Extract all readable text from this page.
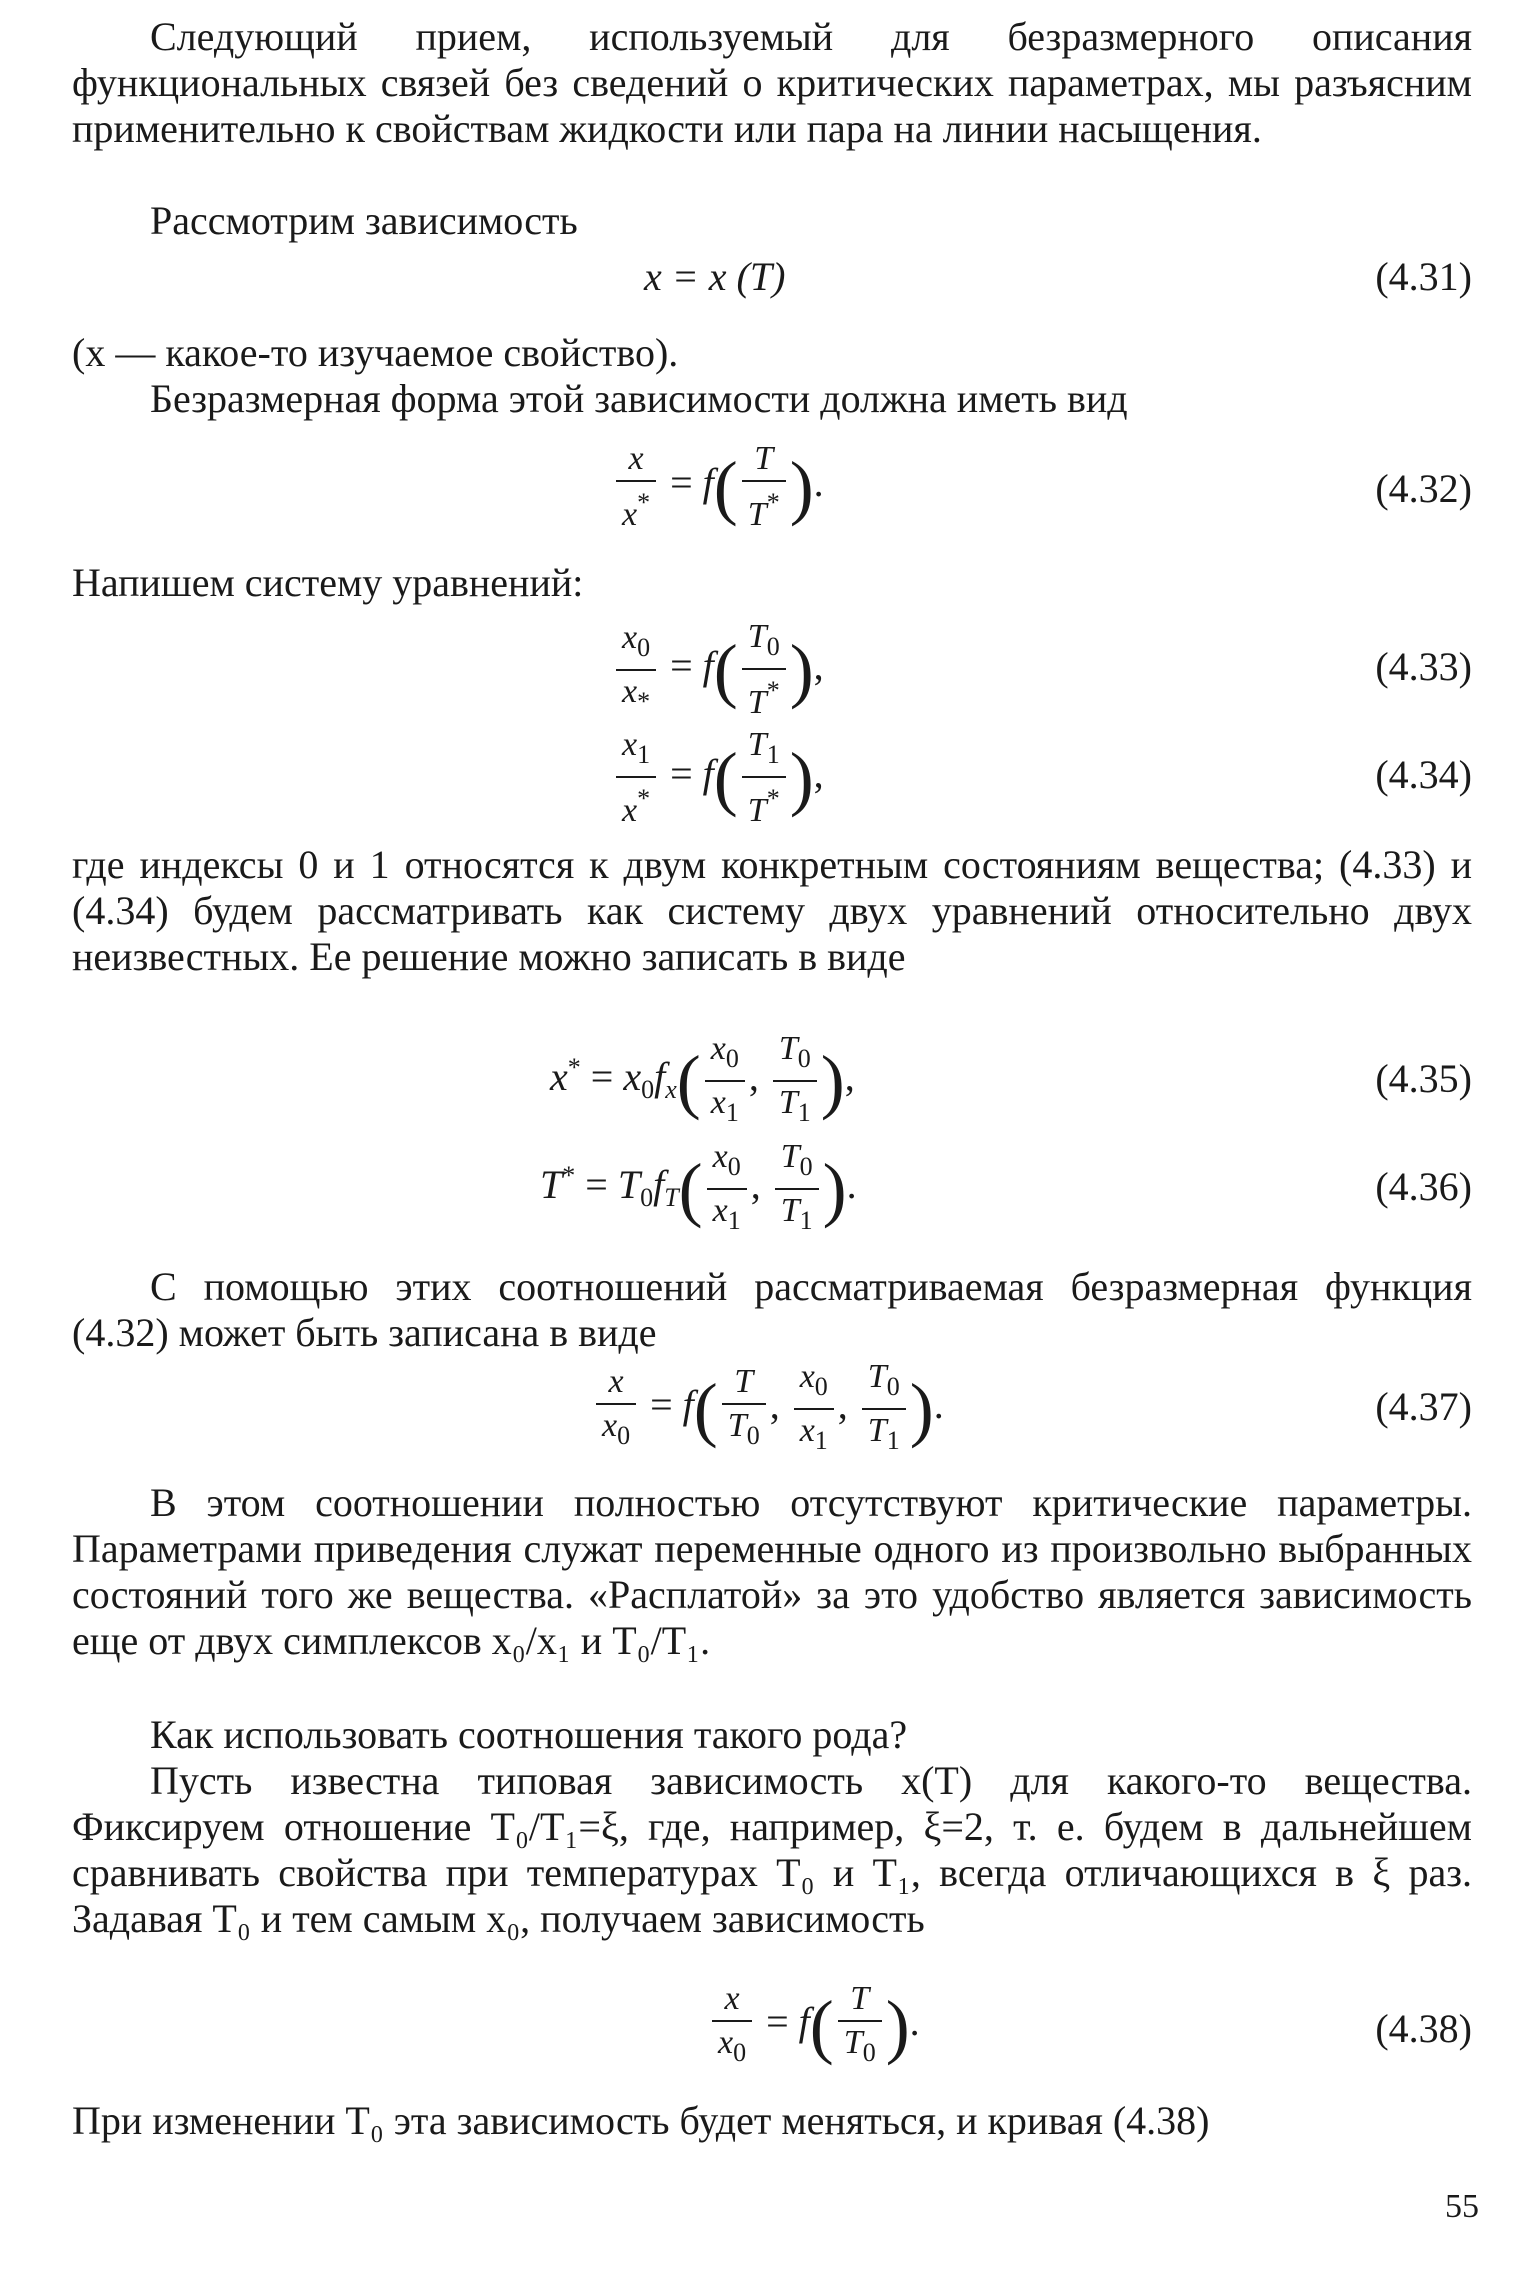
Следующий прием, используемый для безразмерного описания функциональных связей без сведений о критических параметрах, мы разъясним применительно к свойствам жидкости или пара на линии насыщения.

Рассмотрим зависимость

x = x (T)	(4.31)

(x — какое-то изучаемое свойство).

Безразмерная форма этой зависимости должна иметь вид

$\frac{x}{x^*} = f( \frac{T}{T^*}$ ).	(4.32)

Напишем систему уравнений:

$\frac{x_0}{x_*} = f( \frac{T_0}{T^*}$ ),	(4.33)
$\frac{x_1}{x^*} = f( \frac{T_1}{T^*}$ ),	(4.34)

где индексы 0 и 1 относятся к двум конкретным состояниям вещества; (4.33) и (4.34) будем рассматривать как систему двух уравнений относительно двух неизвестных. Ее решение можно записать в виде

$x^* = x_0f_x( \frac{x_0}{x_1}$ , $\frac{T_0}{T_1}$ ),	(4.35)
$T^* = T_0f_T( \frac{x_0}{x_1}$ , $\frac{T_0}{T_1}$ ).	(4.36)

С помощью этих соотношений рассматриваемая безразмерная функция (4.32) может быть записана в виде

$\frac{x}{x_0} = f( \frac{T}{T_0}$ , $\frac{x_0}{x_1}$ , $\frac{T_0}{T_1}$ ).	(4.37)

В этом соотношении полностью отсутствуют критические параметры. Параметрами приведения служат переменные одного из произвольно выбранных состояний того же вещества. «Расплатой» за это удобство является зависимость еще от двух симплексов x₀/x₁ и T₀/T₁.

Как использовать соотношения такого рода?

Пусть известна типовая зависимость x(T) для какого-то вещества. Фиксируем отношение T₀/T₁=ξ, где, например, ξ=2, т. е. будем в дальнейшем сравнивать свойства при температурах T₀ и T₁, всегда отличающихся в ξ раз. Задавая T₀ и тем самым x₀, получаем зависимость

$\frac{x}{x_0} = f( \frac{T}{T_0}$ ).	(4.38)

При изменении T₀ эта зависимость будет меняться, и кривая (4.38)

55
